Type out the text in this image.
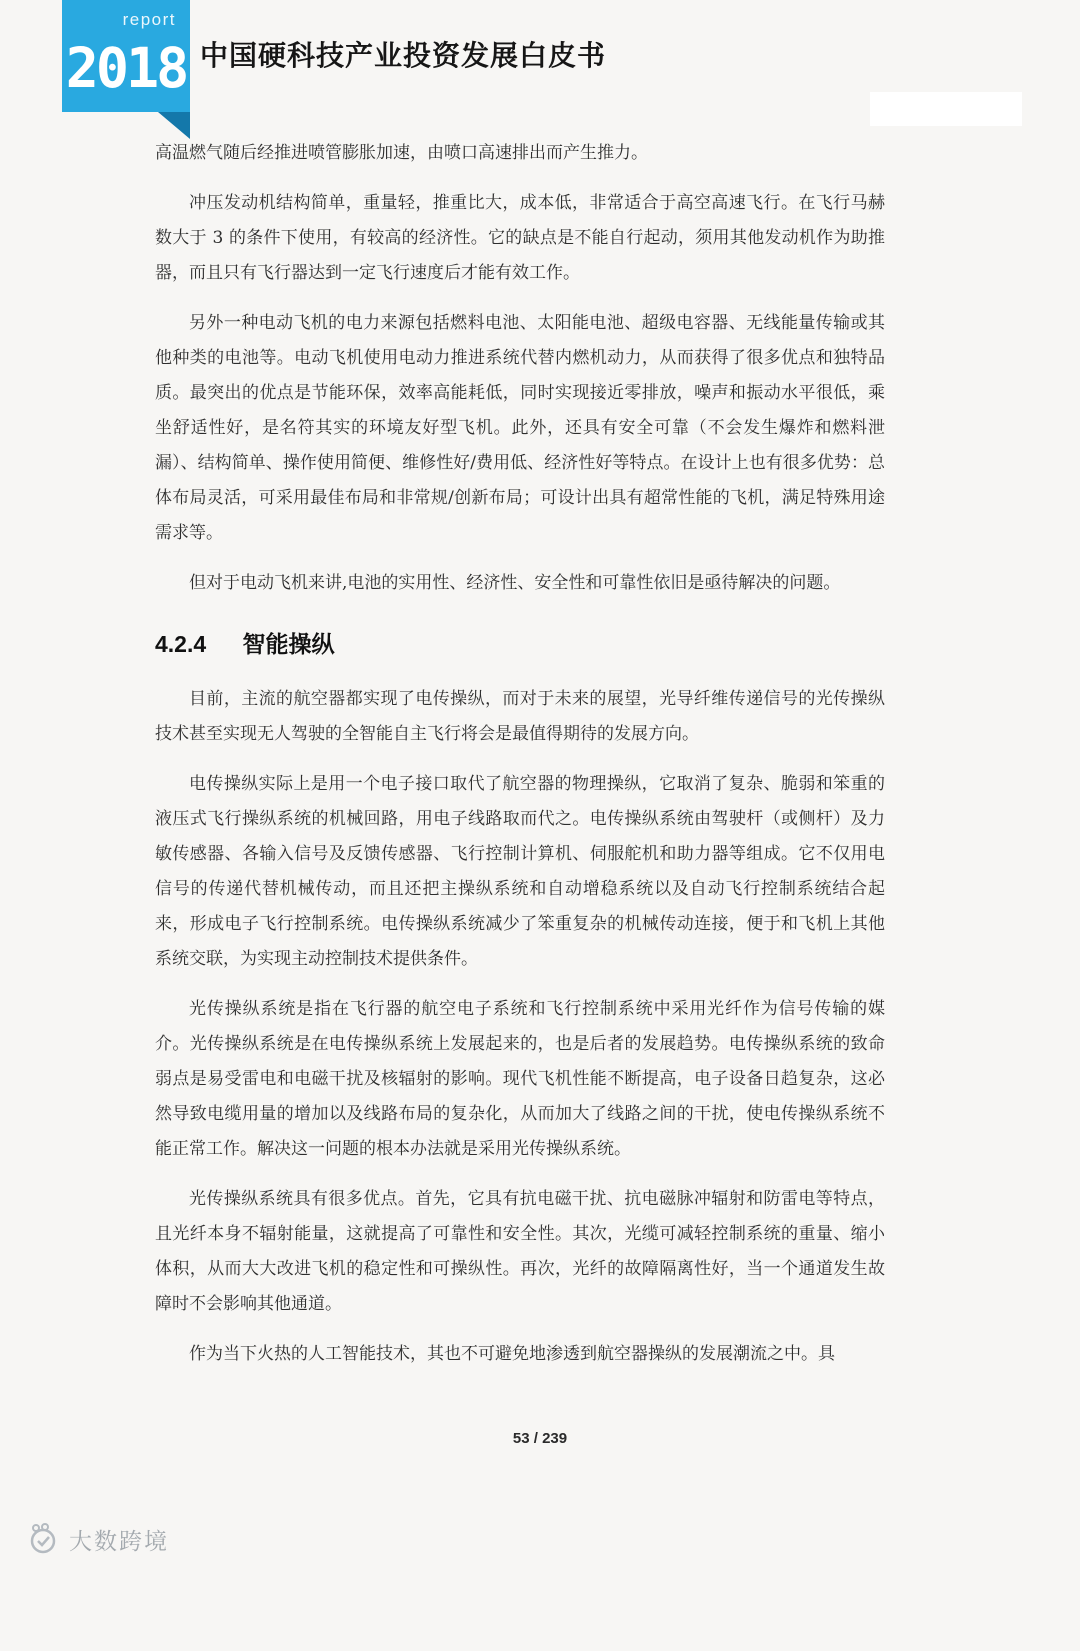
report
2018 中国硬科技产业投资发展白皮书

高温燃气随后经推进喷管膨胀加速，由喷口高速排出而产生推力。

冲压发动机结构简单，重量轻，推重比大，成本低，非常适合于高空高速飞行。在飞行马赫数大于 3 的条件下使用，有较高的经济性。它的缺点是不能自行起动，须用其他发动机作为助推器，而且只有飞行器达到一定飞行速度后才能有效工作。

另外一种电动飞机的电力来源包括燃料电池、太阳能电池、超级电容器、无线能量传输或其他种类的电池等。电动飞机使用电动力推进系统代替内燃机动力，从而获得了很多优点和独特品质。最突出的优点是节能环保，效率高能耗低，同时实现接近零排放，噪声和振动水平很低，乘坐舒适性好，是名符其实的环境友好型飞机。此外，还具有安全可靠（不会发生爆炸和燃料泄漏）、结构简单、操作使用简便、维修性好/费用低、经济性好等特点。在设计上也有很多优势：总体布局灵活，可采用最佳布局和非常规/创新布局；可设计出具有超常性能的飞机，满足特殊用途需求等。

但对于电动飞机来讲,电池的实用性、经济性、安全性和可靠性依旧是亟待解决的问题。

4.2.4 智能操纵

目前，主流的航空器都实现了电传操纵，而对于未来的展望，光导纤维传递信号的光传操纵技术甚至实现无人驾驶的全智能自主飞行将会是最值得期待的发展方向。

电传操纵实际上是用一个电子接口取代了航空器的物理操纵，它取消了复杂、脆弱和笨重的液压式飞行操纵系统的机械回路，用电子线路取而代之。电传操纵系统由驾驶杆（或侧杆）及力敏传感器、各输入信号及反馈传感器、飞行控制计算机、伺服舵机和助力器等组成。它不仅用电信号的传递代替机械传动，而且还把主操纵系统和自动增稳系统以及自动飞行控制系统结合起来，形成电子飞行控制系统。电传操纵系统减少了笨重复杂的机械传动连接，便于和飞机上其他系统交联，为实现主动控制技术提供条件。

光传操纵系统是指在飞行器的航空电子系统和飞行控制系统中采用光纤作为信号传输的媒介。光传操纵系统是在电传操纵系统上发展起来的，也是后者的发展趋势。电传操纵系统的致命弱点是易受雷电和电磁干扰及核辐射的影响。现代飞机性能不断提高，电子设备日趋复杂，这必然导致电缆用量的增加以及线路布局的复杂化，从而加大了线路之间的干扰，使电传操纵系统不能正常工作。解决这一问题的根本办法就是采用光传操纵系统。

光传操纵系统具有很多优点。首先，它具有抗电磁干扰、抗电磁脉冲辐射和防雷电等特点，且光纤本身不辐射能量，这就提高了可靠性和安全性。其次，光缆可减轻控制系统的重量、缩小体积，从而大大改进飞机的稳定性和可操纵性。再次，光纤的故障隔离性好，当一个通道发生故障时不会影响其他通道。

作为当下火热的人工智能技术，其也不可避免地渗透到航空器操纵的发展潮流之中。具

53 / 239
大数跨境
